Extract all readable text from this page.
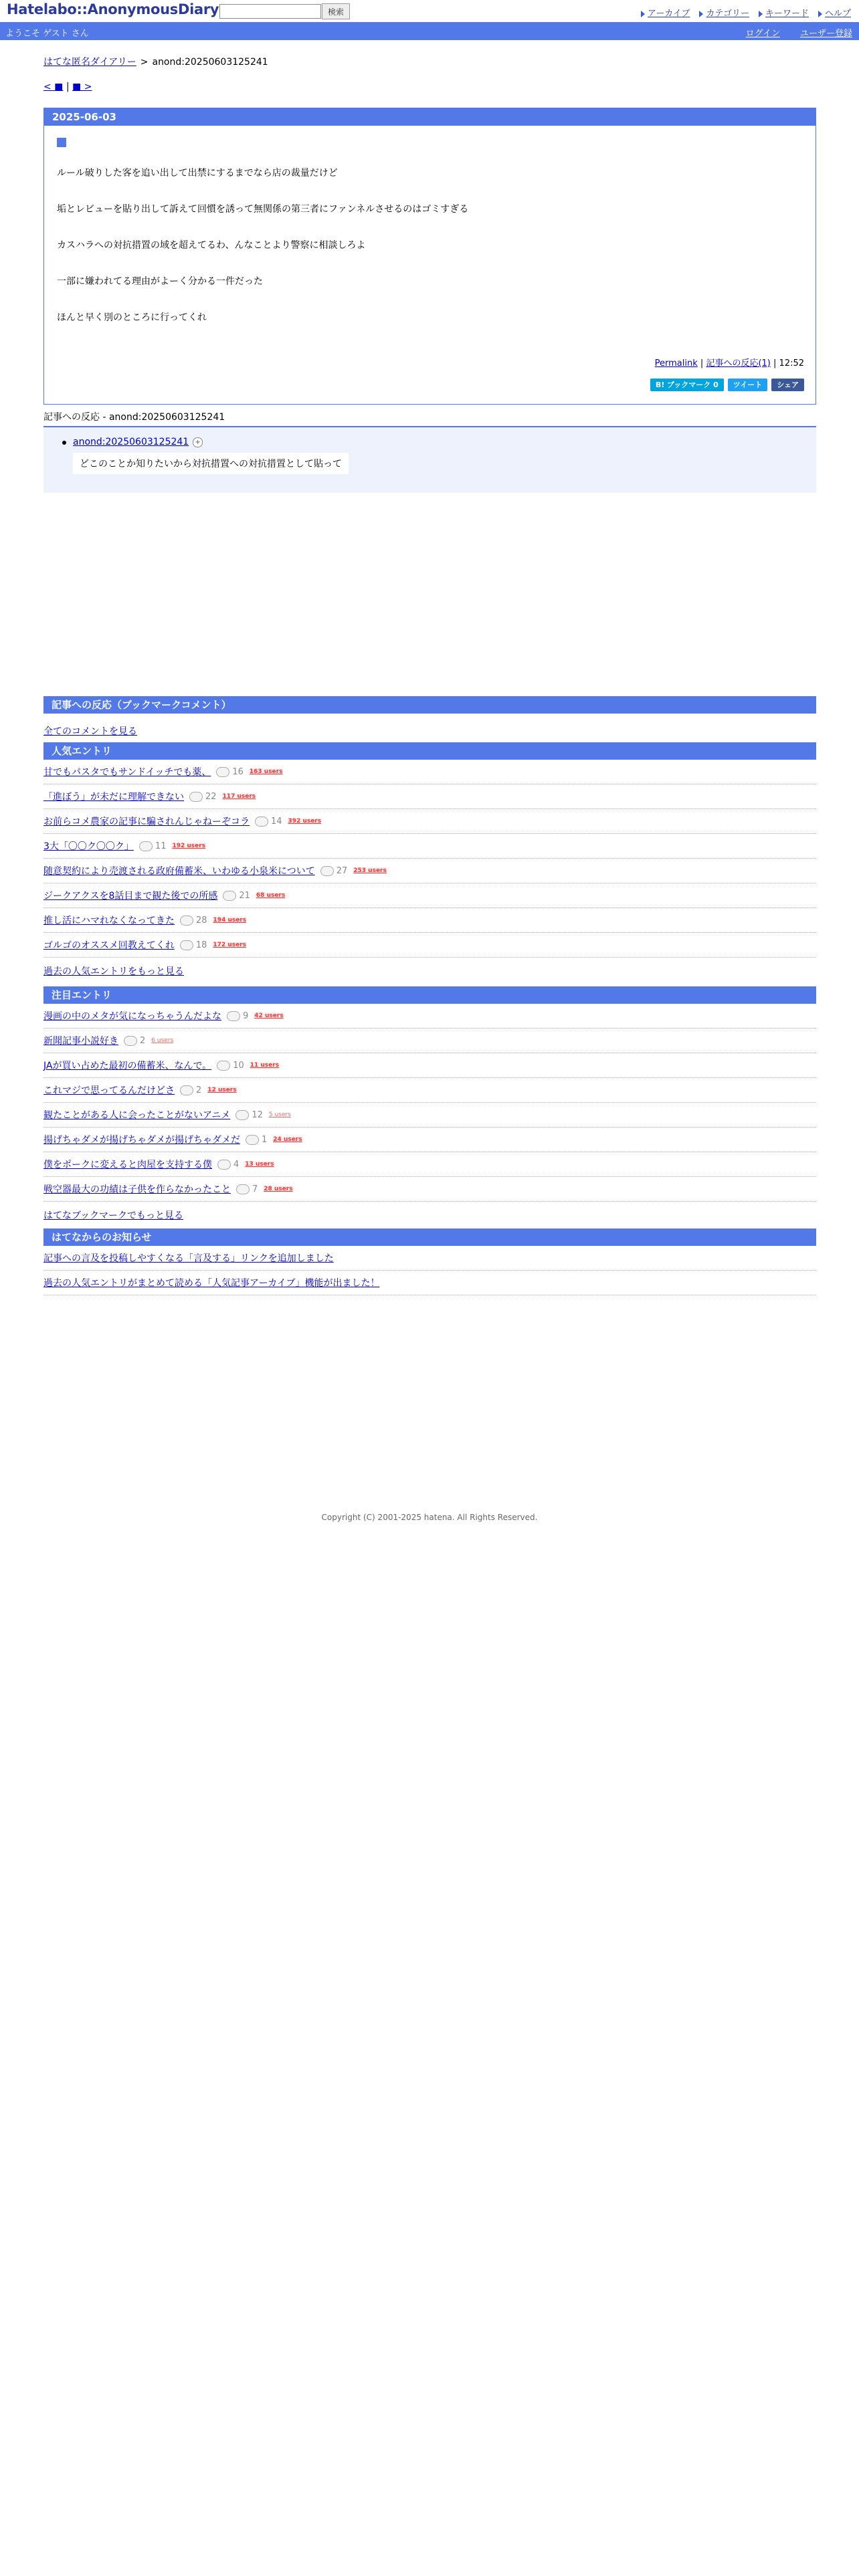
Hatelabo::AnonymousDiary	検索	アーカイブ	カテゴリー	キーワード	ヘルプ
ようこそ ゲスト さん	ログイン ユーザー登録
はてな匿名ダイアリー > anond:20250603125241
< ■ | ■ >
2025-06-03
ルール破りした客を追い出して出禁にするまでなら店の裁量だけど
垢とレビューを貼り出して訴えて回慣を誘って無関係の第三者にファンネルさせるのはゴミすぎる
カスハラへの対抗措置の域を超えてるわ、んなことより警察に相談しろよ
一部に嫌われてる理由がよーく分かる一件だった
ほんと早く別のところに行ってくれ
Permalink | 記事への反応(1) | 12:52
B! ブックマーク 0	ツイート	シェア
記事への反応 - anond:20250603125241
anond:20250603125241 +
どこのことか知りたいから対抗措置への対抗措置として貼って
記事への反応（ブックマークコメント）
全てのコメントを見る
人気エントリ
甘でもパスタでもサンドイッチでも薬、 16 163 users
「進ぼう」が未だに理解できない 22 117 users
お前らコメ農家の記事に騙されんじゃねーぞコラ 14 392 users
3大「〇〇ク〇〇ク」 11 192 users
随意契約により売渡される政府備蓄米、いわゆる小泉米について 27 253 users
ジークアクスを8話目まで観た後での所感 21 68 users
推し活にハマれなくなってきた 28 194 users
ゴルゴのオススメ回教えてくれ 18 172 users
過去の人気エントリをもっと見る
注目エントリ
漫画の中のメタが気になっちゃうんだよな 9 42 users
新聞記事小説好き 2 6 users
JAが買い占めた最初の備蓄米、なんで。 10 11 users
これマジで思ってるんだけどさ 2 12 users
観たことがある人に会ったことがないアニメ 12 5 users
揚げちゃダメが揚げちゃダメが揚げちゃダメだ 1 24 users
僕をポークに変えると肉屋を支持する僕 4 13 users
戦空器最大の功績は子供を作らなかったこと 7 28 users
はてなブックマークでもっと見る
はてなからのお知らせ
記事への言及を投稿しやすくなる「言及する」リンクを追加しました
過去の人気エントリがまとめて読める「人気記事アーカイブ」機能が出ました！
Copyright (C) 2001-2025 hatena. All Rights Reserved.
